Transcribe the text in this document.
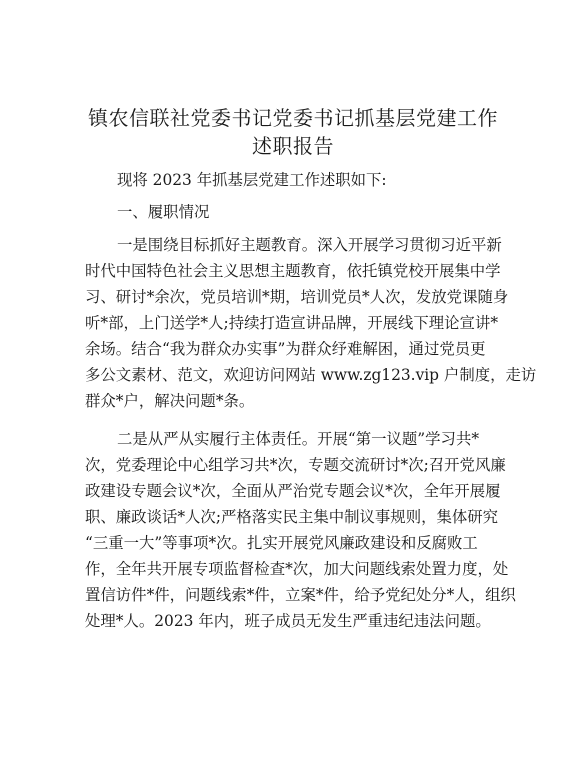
镇农信联社党委书记党委书记抓基层党建工作
述职报告

现将 2023 年抓基层党建工作述职如下:

一、履职情况

一是围绕目标抓好主题教育。深入开展学习贯彻习近平新

时代中国特色社会主义思想主题教育，依托镇党校开展集中学

习、研讨*余次，党员培训*期，培训党员*人次，发放党课随身

听*部，上门送学*人;持续打造宣讲品牌，开展线下理论宣讲*

余场。结合“我为群众办实事”为群众纾难解困，通过党员更

多公文素材、范文，欢迎访问网站 www.zg123.vip 户制度，走访

群众*户，解决问题*条。

二是从严从实履行主体责任。开展“第一议题”学习共*

次，党委理论中心组学习共*次，专题交流研讨*次;召开党风廉

政建设专题会议*次，全面从严治党专题会议*次，全年开展履

职、廉政谈话*人次;严格落实民主集中制议事规则，集体研究

“三重一大”等事项*次。扎实开展党风廉政建设和反腐败工

作，全年共开展专项监督检查*次，加大问题线索处置力度，处

置信访件*件，问题线索*件，立案*件，给予党纪处分*人，组织

处理*人。2023 年内，班子成员无发生严重违纪违法问题。
